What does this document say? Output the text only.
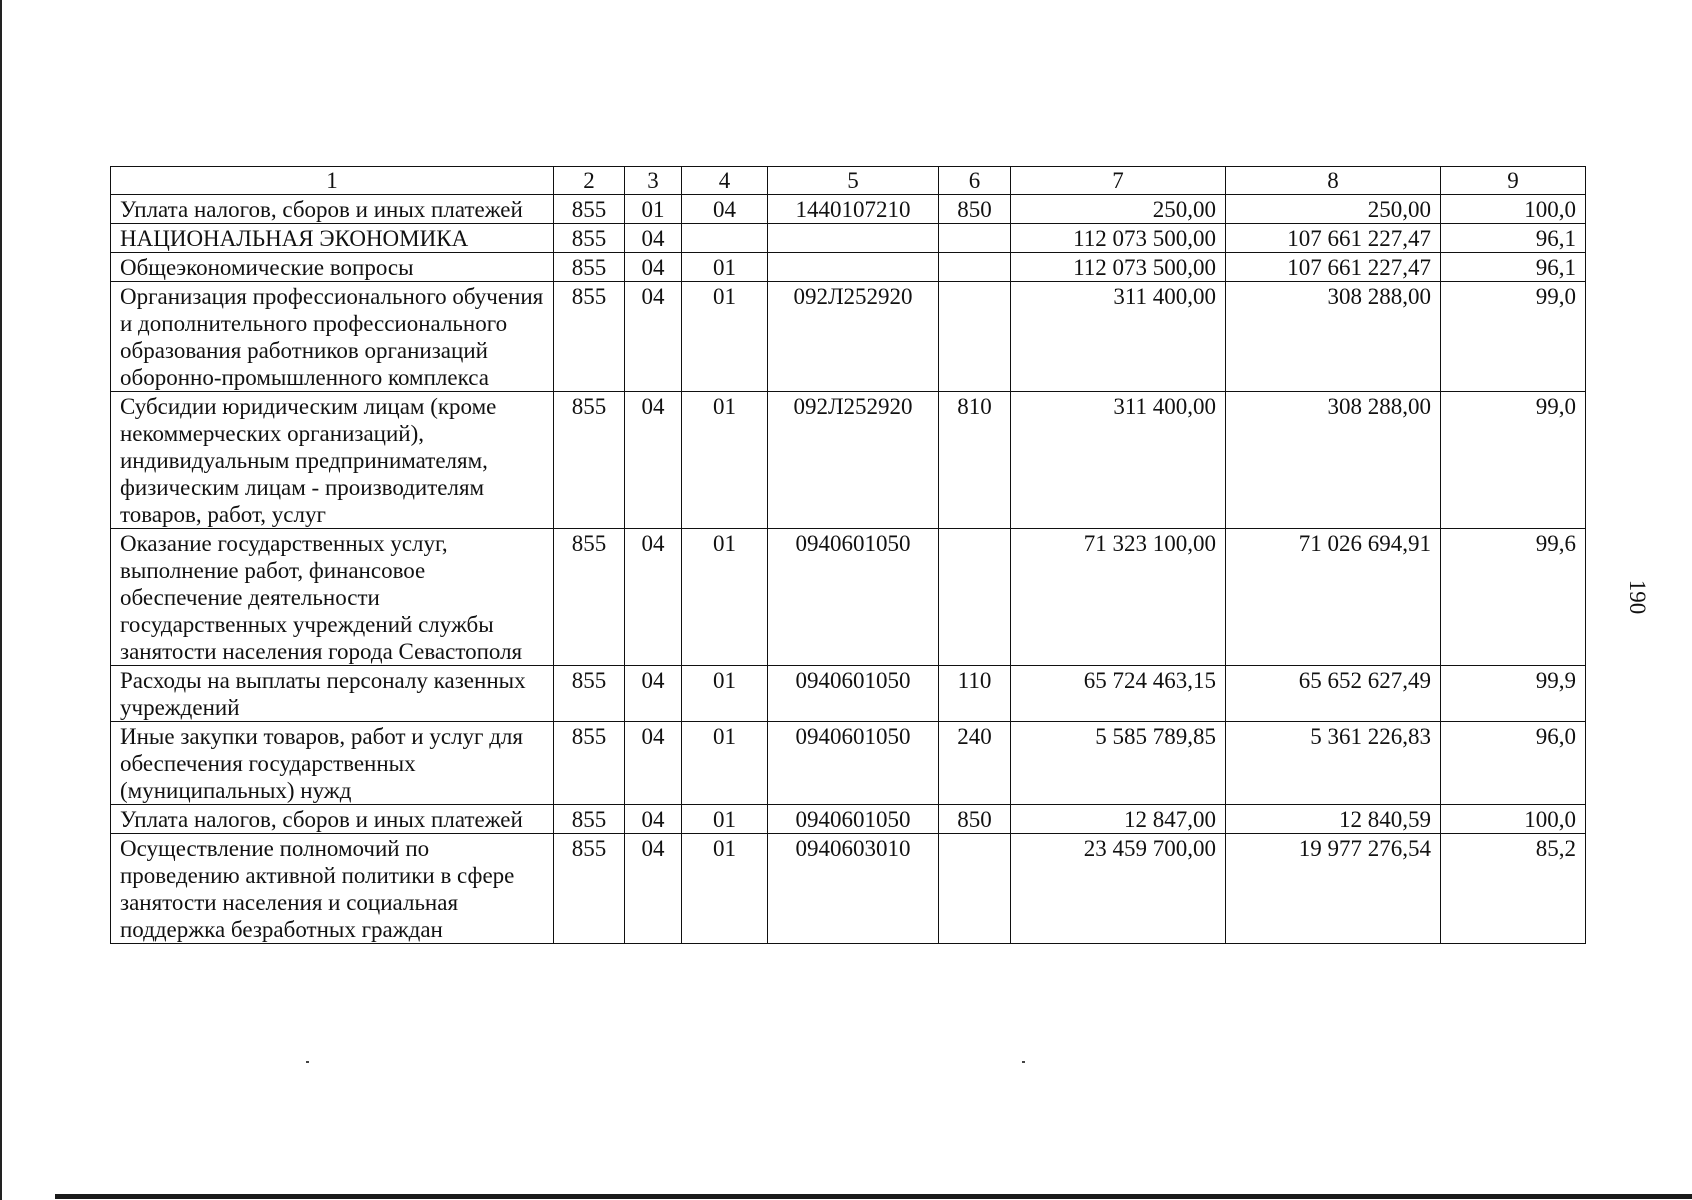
1	2	3	4	5	6	7	8	9
Уплата налогов, сборов и иных платежей	855	01	04	1440107210	850	250,00	250,00	100,0
НАЦИОНАЛЬНАЯ ЭКОНОМИКА	855	04				112 073 500,00	107 661 227,47	96,1
Общеэкономические вопросы	855	04	01			112 073 500,00	107 661 227,47	96,1
Организация профессионального обучения и дополнительного профессионального образования работников организаций оборонно-промышленного комплекса	855	04	01	092Л252920		311 400,00	308 288,00	99,0
Субсидии юридическим лицам (кроме некоммерческих организаций), индивидуальным предпринимателям, физическим лицам - производителям товаров, работ, услуг	855	04	01	092Л252920	810	311 400,00	308 288,00	99,0
Оказание государственных услуг, выполнение работ, финансовое обеспечение деятельности государственных учреждений службы занятости населения города Севастополя	855	04	01	0940601050		71 323 100,00	71 026 694,91	99,6
Расходы на выплаты персоналу казенных учреждений	855	04	01	0940601050	110	65 724 463,15	65 652 627,49	99,9
Иные закупки товаров, работ и услуг для обеспечения государственных (муниципальных) нужд	855	04	01	0940601050	240	5 585 789,85	5 361 226,83	96,0
Уплата налогов, сборов и иных платежей	855	04	01	0940601050	850	12 847,00	12 840,59	100,0
Осуществление полномочий по проведению активной политики в сфере занятости населения и социальная поддержка безработных граждан	855	04	01	0940603010		23 459 700,00	19 977 276,54	85,2
190
